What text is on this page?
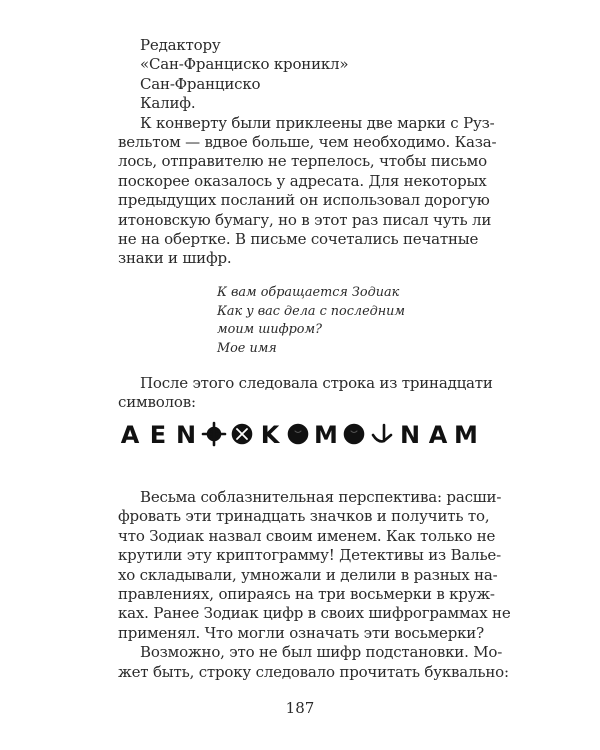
Редактору
«Сан-Франциско кроникл»
Сан-Франциско
Калиф.
К конверту были приклеены две марки с Руз-
вельтом — вдвое больше, чем необходимо. Каза-
лось, отправителю не терпелось, чтобы письмо
поскорее оказалось у адресата. Для некоторых
предыдущих посланий он использовал дорогую
итоновскую бумагу, но в этот раз писал чуть ли
не на обертке. В письме сочетались печатные
знаки и шифр.
К вам обращается Зодиак
Как у вас дела с последним
моим шифром?
Мое имя
После этого следовала строка из тринадцати
символов:
A E N	K M	N A M
Весьма соблазнительная перспектива: расши-
фровать эти тринадцать значков и получить то,
что Зодиак назвал своим именем. Как только не
крутили эту криптограмму! Детективы из Валье-
хо складывали, умножали и делили в разных на-
правлениях, опираясь на три восьмерки в круж-
ках. Ранее Зодиак цифр в своих шифрограммах не
применял. Что могли означать эти восьмерки?
Возможно, это не был шифр подстановки. Мо-
жет быть, строку следовало прочитать буквально:
187
